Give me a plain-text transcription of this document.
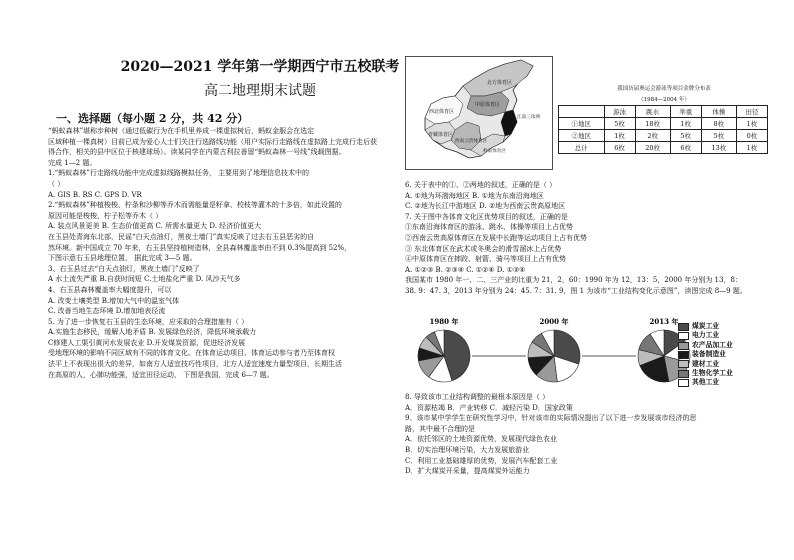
2020—2021 学年第一学期西宁市五校联考
高二地理期末试题
一、选择题（每小题 2 分，共 42 分）

“蚂蚁森林”堪称步种树（通过低碳行为在手机里养成一棵虚拟树后，蚂蚁金服会在选定

区域种植一棵真树）目前已成为爱心人士们关注行选路线功能（用户实际行走路线在虚拟路上完成行走后获

得合作，相关的县中区位于核建球场）。读某同学在内蒙古利拉善留“蚂蚁森林一号线”线载图据。

完成 1—2 题。

1.“蚂蚁森林”行走路线功能中完成虚拟线路模拟任务， 主要用到了地理信息技术中的

（ ）

A. GIS B. RS C. GPS D. VR

2.“蚂蚁森林”种植梭梭、柠条和沙柳等乔木而需能量是籽拿、校枝等灌木的十多倍，如此设置的

原因可能是梭梭、柠子松等乔木（ ）

A. 装点风景更美 B. 生态价值更高 C. 所需水量更大 D. 经济价值更大

在玉县处青海东北部，民谣“白天点油灯，黑夜土墙门”真实反映了过去右玉县恶劣的自

然环境。新中国成立 70 年来，右玉县坚持植树造林，全县森林覆盖率由不到 0.3%提高到 52%，

下图示意右玉县地理位置， 据此完成 3—5 题。

3、右玉县过去“白天点油灯，黑夜土墙门”反映了

A 水土流失严重 B.自获时间短 C.土地盐化严重 D. 风沙天气多

4、右玉县森林覆盖率大幅度提升，可以

A. 改变土壤类型 B.增加大气中的温室气体

C. 改善当地生态环境 D.增加地表径流

5. 为了进一步恢复右玉县的生态环境，应采取的合理措施有（ ）

A.实施生态移民，缓解人地矛盾 B. 发展绿色经济，降低环境承载力

C修建人工渠引黄河水发展农业 D.开发煤炭资源，促进经济发展

受地理环境的影响不同区域有不同的体育文化。在体育运动项目、体育运动参与者乃至体育权

法平上不表现出很大的差异，如南方人适宜技巧性项目，北方人适宜速度力量型项目，长期生活

在高原的人，心肺功能强，适宜田径运动， 下图是我国，完成 6—7 题。

西北体育区
青藏体育区
中原体育区
北方体育区
西南云贵体育区
岭南体育区
江南三角洲
我国历届奥运会游泳等项目金牌分布表
（1984—2004 年）
	游泳	跳水	举重	体操	田径
①地区	5枚	18枚	1枚	8枚	1枚
②地区	1枚	2枚	5枚	5枚	0枚
总计	6枚	20枚	6枚	13枚	1枚

6. 关于表中的①、②两地的叙述，正确的是（ ）

A. ①地为环渤海地区 B. ①地为东南沿海地区

C. ②地为长江中游地区 D. ②地为西南云贵高原地区

7. 关于图中各体育文化区优势项目的叙述，正确的是

①东南沿海体育区的游泳、跳水、体操等项目上占优势

②西南云贵高原体育区在发展中长跑等运动项目上占有优势

③ 东北体育区在武术或冬奥会的滑雪溜冰上占优势

④中原体育区在摔跤、射箭、骑马等项目上占有优势

A. ①②③ B. ②③④ C. ①②④ D. ①③④

我国某市 1980 年一、二、三产业的比重为 21，2，60：1990 年为 12，13：5，2000 年分别为 13，8：

38. 9：47. 3，2013 年分别为 24：45. 7：31. 9，图 1 为该市“工业结构变化示意图”，读图完成 8—9 题。

1980 年	2000 年	2013 年 煤炭工业
电力工业
农产品加工业
装备制造业
建材工业
生物化学工业
其他工业

8. 导致该市工业结构调整的最根本原因是（ ）

A．资源枯竭 B．产业转移 C．减轻污染 D．国家政策

9、该市某中学学生在研究性学习中，针对该市的实际情况提出了以下进一步发展该市经济的思

路，其中最不合理的是

A．依托邻区的土地资源优势，发展现代绿色农业

B．切实治理环境污染，大力发展旅游业

C．利用工业基础雄厚的优势，发展汽车配套工业

D．扩大煤炭开采量，提高煤炭外运能力
